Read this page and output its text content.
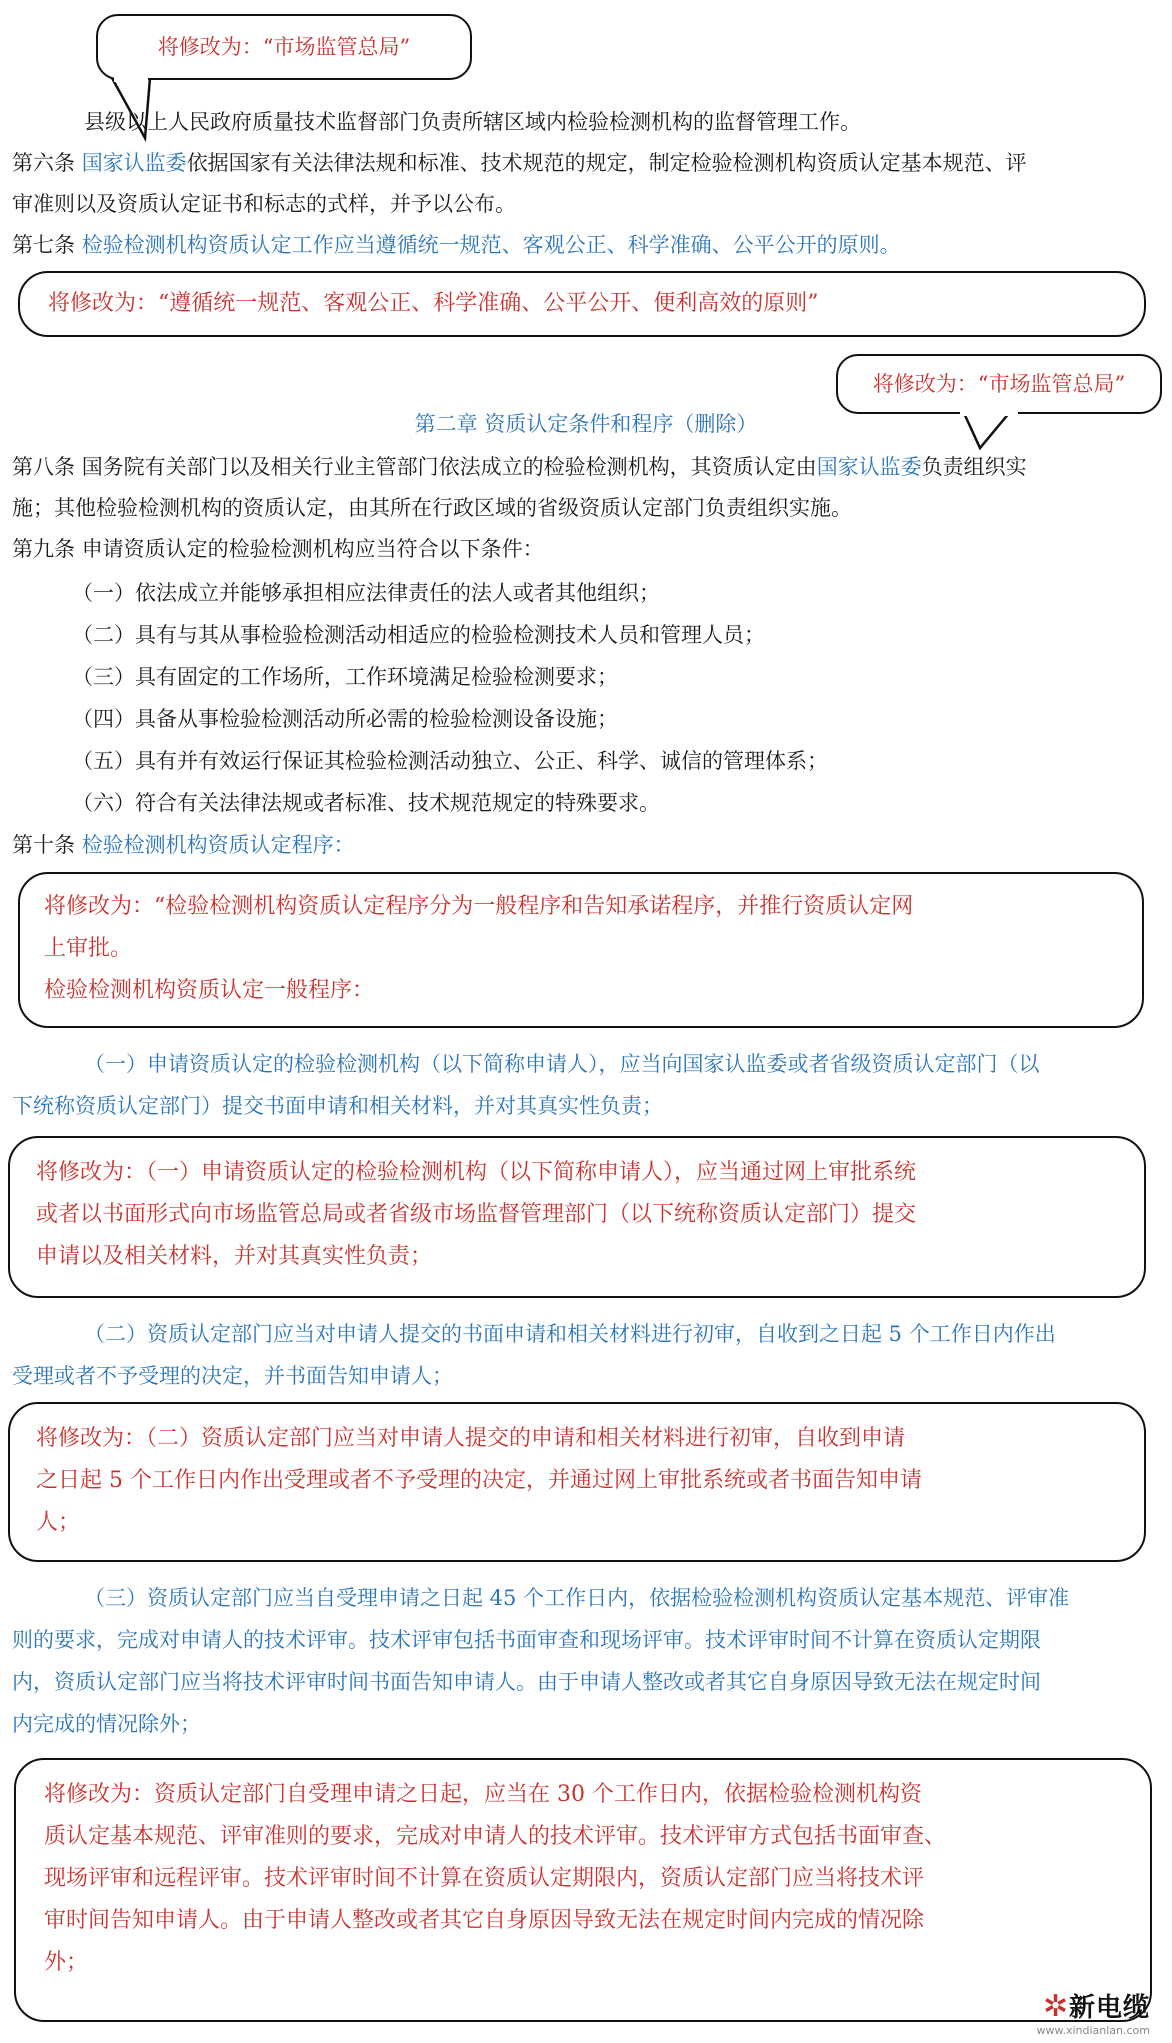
将修改为：“市场监管总局”

县级以上人民政府质量技术监督部门负责所辖区域内检验检测机构的监督管理工作。

第六条 国家认监委依据国家有关法律法规和标准、技术规范的规定，制定检验检测机构资质认定基本规范、评

审准则以及资质认定证书和标志的式样，并予以公布。

第七条 检验检测机构资质认定工作应当遵循统一规范、客观公正、科学准确、公平公开的原则。

将修改为：“遵循统一规范、客观公正、科学准确、公平公开、便利高效的原则”

将修改为：“市场监管总局”
第二章 资质认定条件和程序（删除）

第八条 国务院有关部门以及相关行业主管部门依法成立的检验检测机构，其资质认定由国家认监委负责组织实

施；其他检验检测机构的资质认定，由其所在行政区域的省级资质认定部门负责组织实施。

第九条 申请资质认定的检验检测机构应当符合以下条件：

（一）依法成立并能够承担相应法律责任的法人或者其他组织；

（二）具有与其从事检验检测活动相适应的检验检测技术人员和管理人员；

（三）具有固定的工作场所，工作环境满足检验检测要求；

（四）具备从事检验检测活动所必需的检验检测设备设施；

（五）具有并有效运行保证其检验检测活动独立、公正、科学、诚信的管理体系；

（六）符合有关法律法规或者标准、技术规范规定的特殊要求。

第十条 检验检测机构资质认定程序：

将修改为：“检验检测机构资质认定程序分为一般程序和告知承诺程序，并推行资质认定网

上审批。

检验检测机构资质认定一般程序：

（一）申请资质认定的检验检测机构（以下简称申请人），应当向国家认监委或者省级资质认定部门（以

下统称资质认定部门）提交书面申请和相关材料，并对其真实性负责；

将修改为：（一）申请资质认定的检验检测机构（以下简称申请人），应当通过网上审批系统

或者以书面形式向市场监管总局或者省级市场监督管理部门（以下统称资质认定部门）提交

申请以及相关材料，并对其真实性负责；

（二）资质认定部门应当对申请人提交的书面申请和相关材料进行初审，自收到之日起 5 个工作日内作出

受理或者不予受理的决定，并书面告知申请人；

将修改为：（二）资质认定部门应当对申请人提交的申请和相关材料进行初审，自收到申请

之日起 5 个工作日内作出受理或者不予受理的决定，并通过网上审批系统或者书面告知申请

人；

（三）资质认定部门应当自受理申请之日起 45 个工作日内，依据检验检测机构资质认定基本规范、评审准

则的要求，完成对申请人的技术评审。技术评审包括书面审查和现场评审。技术评审时间不计算在资质认定期限

内，资质认定部门应当将技术评审时间书面告知申请人。由于申请人整改或者其它自身原因导致无法在规定时间

内完成的情况除外；

将修改为：资质认定部门自受理申请之日起，应当在 30 个工作日内，依据检验检测机构资

质认定基本规范、评审准则的要求，完成对申请人的技术评审。技术评审方式包括书面审查、

现场评审和远程评审。技术评审时间不计算在资质认定期限内，资质认定部门应当将技术评

审时间告知申请人。由于申请人整改或者其它自身原因导致无法在规定时间内完成的情况除

外；

✲新电缆
www.xindianlan.com
